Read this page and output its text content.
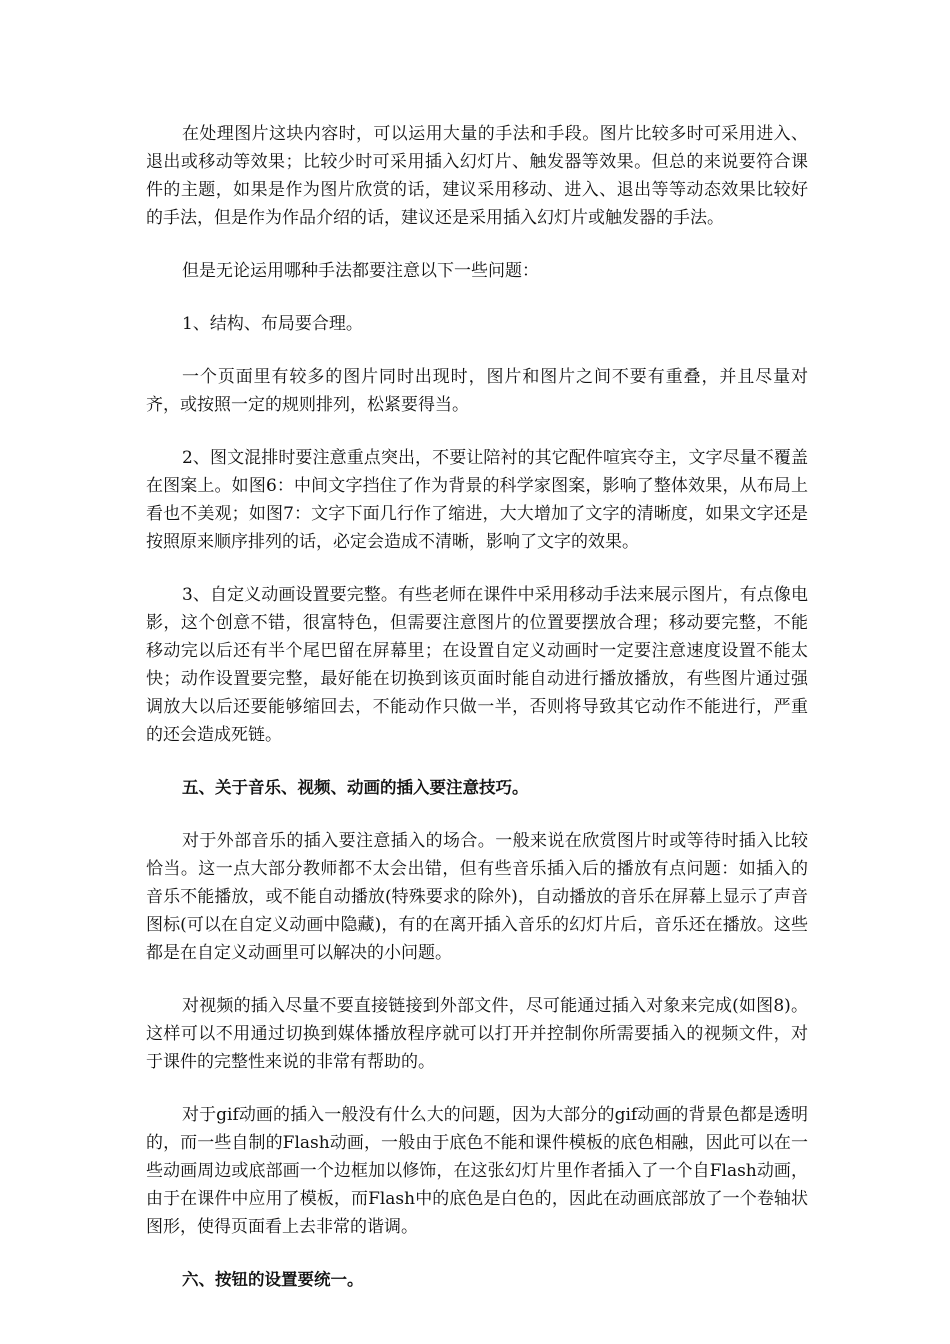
在处理图片这块内容时，可以运用大量的手法和手段。图片比较多时可采用进入、退出或移动等效果；比较少时可采用插入幻灯片、触发器等效果。但总的来说要符合课件的主题，如果是作为图片欣赏的话，建议采用移动、进入、退出等等动态效果比较好的手法，但是作为作品介绍的话，建议还是采用插入幻灯片或触发器的手法。

但是无论运用哪种手法都要注意以下一些问题：

1、结构、布局要合理。

一个页面里有较多的图片同时出现时，图片和图片之间不要有重叠，并且尽量对齐，或按照一定的规则排列，松紧要得当。

2、图文混排时要注意重点突出，不要让陪衬的其它配件喧宾夺主，文字尽量不覆盖在图案上。如图6：中间文字挡住了作为背景的科学家图案，影响了整体效果，从布局上看也不美观；如图7：文字下面几行作了缩进，大大增加了文字的清晰度，如果文字还是按照原来顺序排列的话，必定会造成不清晰，影响了文字的效果。

3、自定义动画设置要完整。有些老师在课件中采用移动手法来展示图片，有点像电影，这个创意不错，很富特色，但需要注意图片的位置要摆放合理；移动要完整，不能移动完以后还有半个尾巴留在屏幕里；在设置自定义动画时一定要注意速度设置不能太快；动作设置要完整，最好能在切换到该页面时能自动进行播放播放，有些图片通过强调放大以后还要能够缩回去，不能动作只做一半，否则将导致其它动作不能进行，严重的还会造成死链。

五、关于音乐、视频、动画的插入要注意技巧。

对于外部音乐的插入要注意插入的场合。一般来说在欣赏图片时或等待时插入比较恰当。这一点大部分教师都不太会出错，但有些音乐插入后的播放有点问题：如插入的音乐不能播放，或不能自动播放(特殊要求的除外)，自动播放的音乐在屏幕上显示了声音图标(可以在自定义动画中隐藏)，有的在离开插入音乐的幻灯片后，音乐还在播放。这些都是在自定义动画里可以解决的小问题。

对视频的插入尽量不要直接链接到外部文件，尽可能通过插入对象来完成(如图8)。这样可以不用通过切换到媒体播放程序就可以打开并控制你所需要插入的视频文件，对于课件的完整性来说的非常有帮助的。

对于gif动画的插入一般没有什么大的问题，因为大部分的gif动画的背景色都是透明的，而一些自制的Flash动画，一般由于底色不能和课件模板的底色相融，因此可以在一些动画周边或底部画一个边框加以修饰，在这张幻灯片里作者插入了一个自Flash动画，由于在课件中应用了模板，而Flash中的底色是白色的，因此在动画底部放了一个卷轴状图形，使得页面看上去非常的谐调。

六、按钮的设置要统一。
